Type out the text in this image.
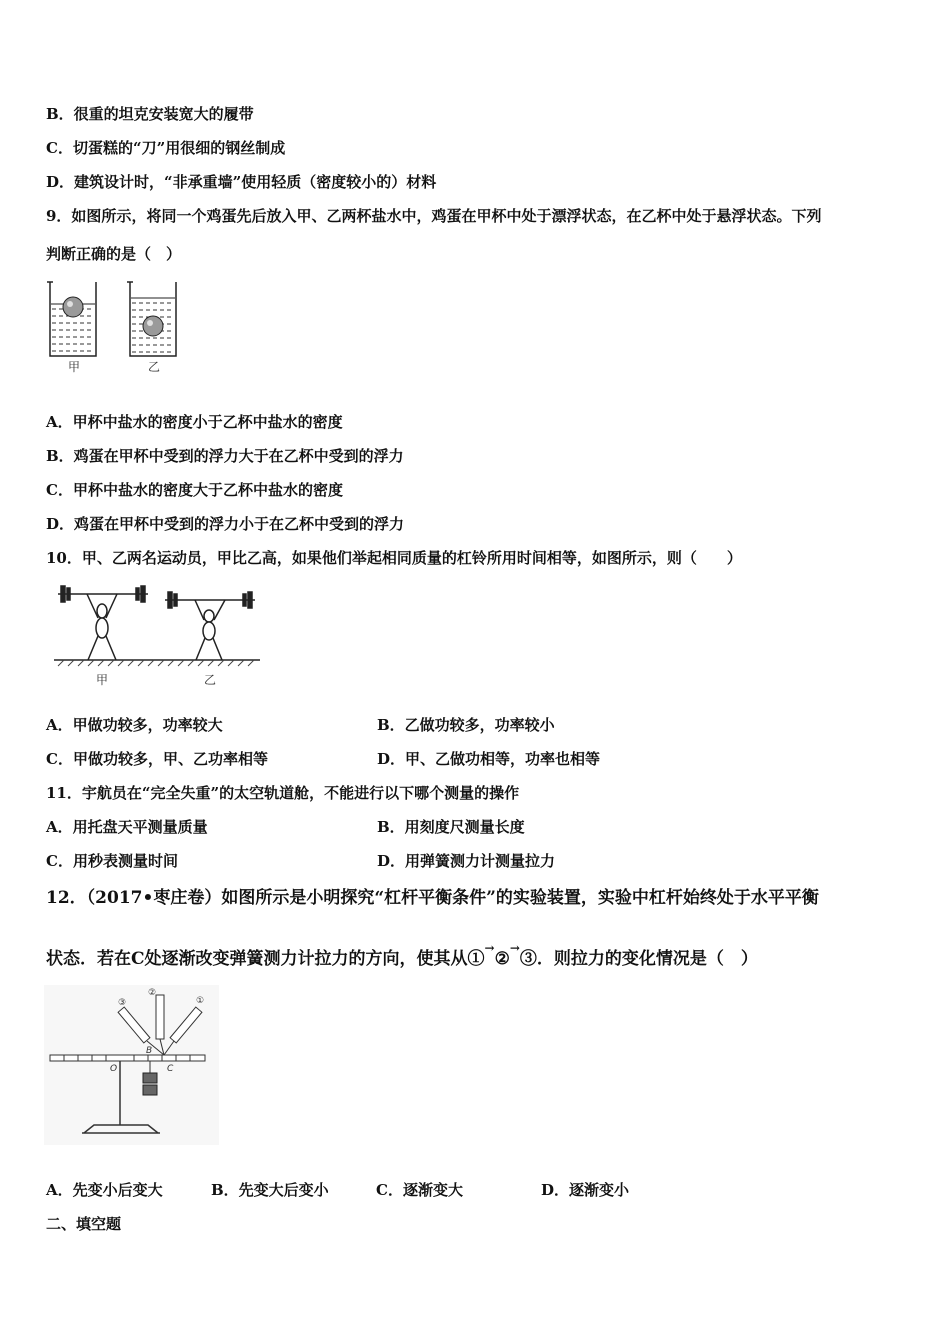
B．很重的坦克安装宽大的履带
C．切蛋糕的“刀”用很细的钢丝制成
D．建筑设计时，“非承重墙”使用轻质（密度较小的）材料
9．如图所示，将同一个鸡蛋先后放入甲、乙两杯盐水中，鸡蛋在甲杯中处于漂浮状态，在乙杯中处于悬浮状态。下列
判断正确的是（　）
甲	乙
A．甲杯中盐水的密度小于乙杯中盐水的密度
B．鸡蛋在甲杯中受到的浮力大于在乙杯中受到的浮力
C．甲杯中盐水的密度大于乙杯中盐水的密度
D．鸡蛋在甲杯中受到的浮力小于在乙杯中受到的浮力
10．甲、乙两名运动员，甲比乙高，如果他们举起相同质量的杠铃所用时间相等，如图所示，则（　　）
甲	乙
A．甲做功较多，功率较大	B．乙做功较多，功率较小
C．甲做功较多，甲、乙功率相等	D．甲、乙做功相等，功率也相等
11．宇航员在“完全失重”的太空轨道舱，不能进行以下哪个测量的操作
A．用托盘天平测量质量	B．用刻度尺测量长度
C．用秒表测量时间	D．用弹簧测力计测量拉力
12．（2017•枣庄卷）如图所示是小明探究“杠杆平衡条件”的实验装置，实验中杠杆始终处于水平平衡
状态．若在C处逐渐改变弹簧测力计拉力的方向，使其从①→②→③．则拉力的变化情况是（　）
③
②
①
B
O	C
A．先变小后变大	B．先变大后变小	C．逐渐变大	D．逐渐变小
二、填空题
